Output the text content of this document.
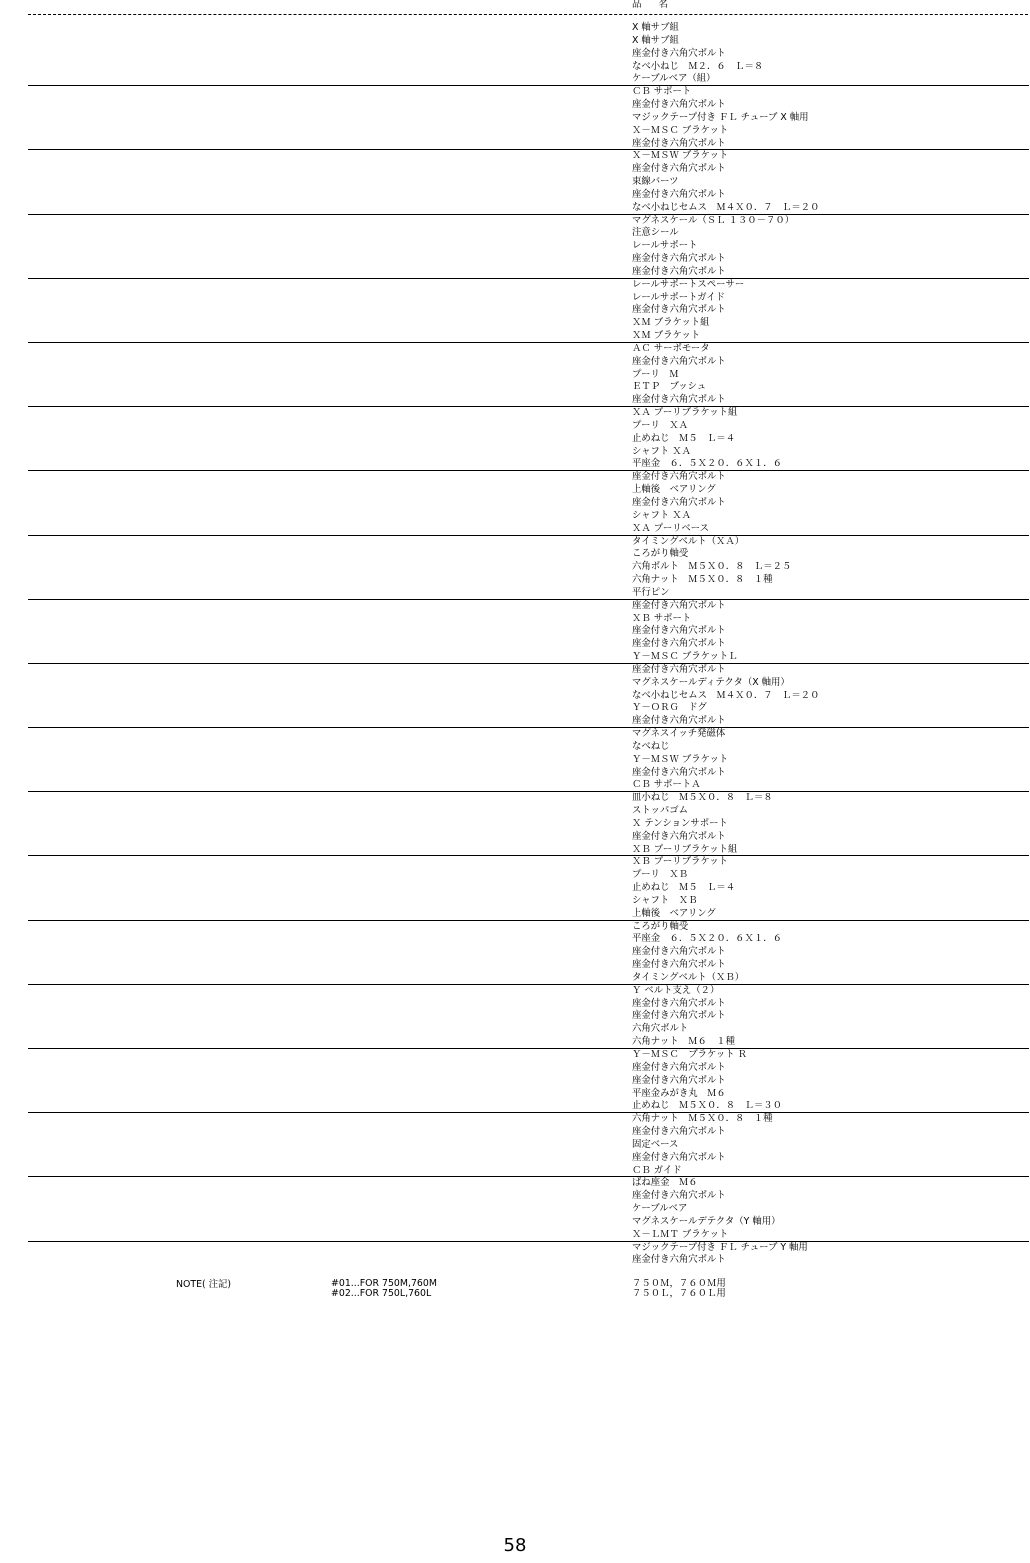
品 名
X 軸サブ組
X 軸サブ組
座金付き六角穴ボルト
なべ小ねじ　Ｍ２．６　Ｌ＝８
ケーブルベア（組）
ＣＢ サポート
座金付き六角穴ボルト
マジックテープ付き ＦＬ チューブ X 軸用
Ｘ－ＭＳＣ ブラケット
座金付き六角穴ボルト
Ｘ－ＭＳＷ ブラケット
座金付き六角穴ボルト
束線バーツ
座金付き六角穴ボルト
なべ小ねじセムス　Ｍ４Ｘ０．７　Ｌ＝２０
マグネスケール（ＳＬ １３０－７０）
注意シール
レールサポート
座金付き六角穴ボルト
座金付き六角穴ボルト
レールサポートスペーサー
レールサポートガイド
座金付き六角穴ボルト
ＸＭ ブラケット組
ＸＭ ブラケット
ＡＣ サーボモータ
座金付き六角穴ボルト
プーリ　Ｍ
ＥＴＰ　ブッシュ
座金付き六角穴ボルト
ＸＡ プーリブラケット組
プーリ　ＸＡ
止めねじ　Ｍ５　Ｌ＝４
シャフト ＸＡ
平座金　６．５Ｘ２０．６Ｘ１．６
座金付き六角穴ボルト
上軸後　ベアリング
座金付き六角穴ボルト
シャフト ＸＡ
ＸＡ プーリベース
タイミングベルト（ＸＡ）
ころがり軸受
六角ボルト　Ｍ５Ｘ０．８　Ｌ＝２５
六角ナット　Ｍ５Ｘ０．８　１種
平行ピン
座金付き六角穴ボルト
ＸＢ サポート
座金付き六角穴ボルト
座金付き六角穴ボルト
Ｙ－ＭＳＣ ブラケットＬ
座金付き六角穴ボルト
マグネスケールディテクタ（X 軸用）
なべ小ねじセムス　Ｍ４Ｘ０．７　Ｌ＝２０
Ｙ－ＯＲＧ　ドグ
座金付き六角穴ボルト
マグネスイッチ発磁体
なべねじ
Ｙ－ＭＳＷ ブラケット
座金付き六角穴ボルト
ＣＢ サポートＡ
皿小ねじ　Ｍ５Ｘ０．８　Ｌ＝８
ストッパゴム
Ｘ テンションサポート
座金付き六角穴ボルト
ＸＢ プーリブラケット組
ＸＢ プーリブラケット
プーリ　ＸＢ
止めねじ　Ｍ５　Ｌ＝４
シャフト　ＸＢ
上軸後　ベアリング
ころがり軸受
平座金　６．５Ｘ２０．６Ｘ１．６
座金付き六角穴ボルト
座金付き六角穴ボルト
タイミングベルト（ＸＢ）
Ｙ ベルト支え（２）
座金付き六角穴ボルト
座金付き六角穴ボルト
六角穴ボルト
六角ナット　Ｍ６　１種
Ｙ－ＭＳＣ　ブラケット Ｒ
座金付き六角穴ボルト
座金付き六角穴ボルト
平座金みがき丸　Ｍ６
止めねじ　Ｍ５Ｘ０．８　Ｌ＝３０
六角ナット　Ｍ５Ｘ０．８　１種
座金付き六角穴ボルト
固定ベース
座金付き六角穴ボルト
ＣＢ ガイド
ばね座金　Ｍ６
座金付き六角穴ボルト
ケーブルベア
マグネスケールデテクタ（Y 軸用）
Ｘ－ＬＭＴ ブラケット
マジックテープ付き ＦＬ チューブ Y 軸用
座金付き六角穴ボルト
NOTE( 注記)	#01...FOR 750M,760M
#02...FOR 750L,760L
７５０Ｍ，７６０Ｍ用
７５０Ｌ，７６０Ｌ用
58
